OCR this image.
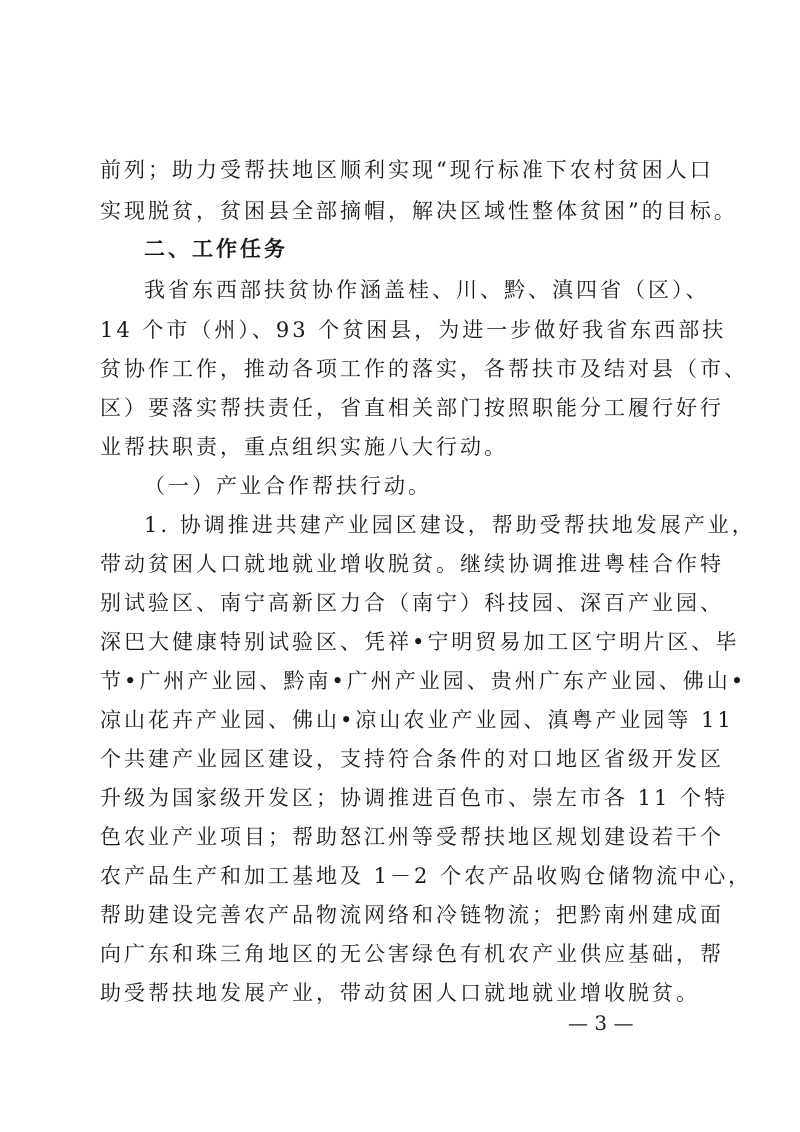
前列；助力受帮扶地区顺利实现“现行标准下农村贫困人口
实现脱贫，贫困县全部摘帽，解决区域性整体贫困”的目标。
二、工作任务
我省东西部扶贫协作涵盖桂、川、黔、滇四省（区）、
14 个市（州）、93 个贫困县，为进一步做好我省东西部扶
贫协作工作，推动各项工作的落实，各帮扶市及结对县（市、
区）要落实帮扶责任，省直相关部门按照职能分工履行好行
业帮扶职责，重点组织实施八大行动。
（一）产业合作帮扶行动。
1. 协调推进共建产业园区建设，帮助受帮扶地发展产业，
带动贫困人口就地就业增收脱贫。继续协调推进粤桂合作特
别试验区、南宁高新区力合（南宁）科技园、深百产业园、
深巴大健康特别试验区、凭祥•宁明贸易加工区宁明片区、毕
节•广州产业园、黔南•广州产业园、贵州广东产业园、佛山•
凉山花卉产业园、佛山•凉山农业产业园、滇粤产业园等 11
个共建产业园区建设，支持符合条件的对口地区省级开发区
升级为国家级开发区；协调推进百色市、崇左市各 11 个特
色农业产业项目；帮助怒江州等受帮扶地区规划建设若干个
农产品生产和加工基地及 1－2 个农产品收购仓储物流中心，
帮助建设完善农产品物流网络和冷链物流；把黔南州建成面
向广东和珠三角地区的无公害绿色有机农产业供应基础，帮
助受帮扶地发展产业，带动贫困人口就地就业增收脱贫。
— 3 —
